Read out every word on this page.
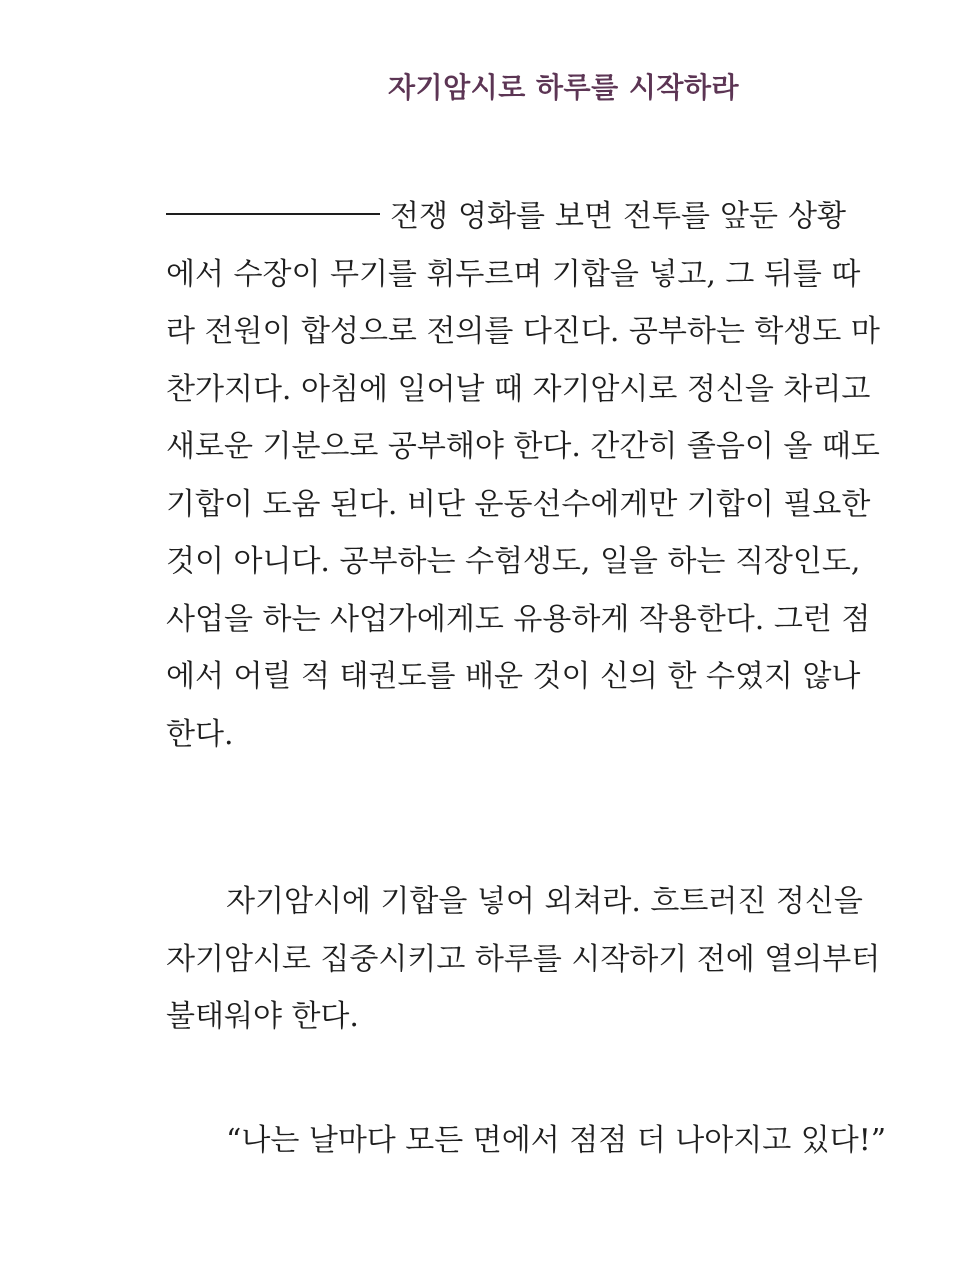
자기암시로 하루를 시작하라
전쟁 영화를 보면 전투를 앞둔 상황
에서 수장이 무기를 휘두르며 기합을 넣고, 그 뒤를 따
라 전원이 합성으로 전의를 다진다. 공부하는 학생도 마
찬가지다. 아침에 일어날 때 자기암시로 정신을 차리고
새로운 기분으로 공부해야 한다. 간간히 졸음이 올 때도
기합이 도움 된다. 비단 운동선수에게만 기합이 필요한
것이 아니다. 공부하는 수험생도, 일을 하는 직장인도,
사업을 하는 사업가에게도 유용하게 작용한다. 그런 점
에서 어릴 적 태권도를 배운 것이 신의 한 수였지 않나
한다.
자기암시에 기합을 넣어 외쳐라. 흐트러진 정신을
자기암시로 집중시키고 하루를 시작하기 전에 열의부터
불태워야 한다.
“나는 날마다 모든 면에서 점점 더 나아지고 있다!”
